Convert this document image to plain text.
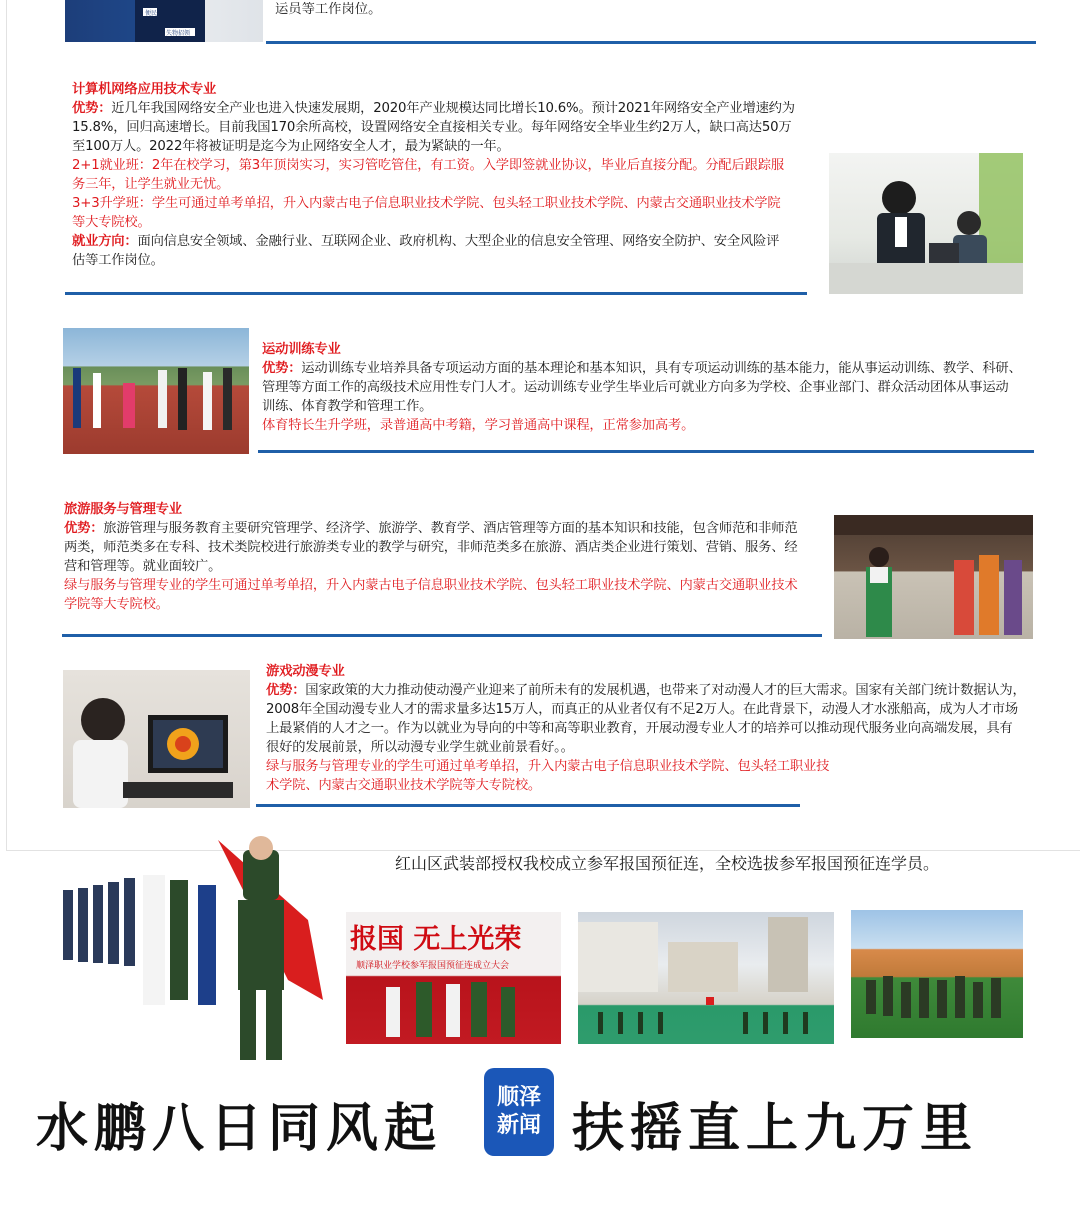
便民
失物招领
运员等工作岗位。

计算机网络应用技术专业

优势：近几年我国网络安全产业也进入快速发展期，2020年产业规模达同比增长10.6%。预计2021年网络安全产业增速约为

15.8%，回归高速增长。目前我国170余所高校，设置网络安全直接相关专业。每年网络安全毕业生约2万人，缺口高达50万

至100万人。2022年将被证明是迄今为止网络安全人才，最为紧缺的一年。

2+1就业班：2年在校学习，第3年顶岗实习，实习管吃管住，有工资。入学即签就业协议，毕业后直接分配。分配后跟踪服

务三年，让学生就业无忧。

3+3升学班：学生可通过单考单招，升入内蒙古电子信息职业技术学院、包头轻工职业技术学院、内蒙古交通职业技术学院

等大专院校。

就业方向：面向信息安全领域、金融行业、互联网企业、政府机构、大型企业的信息安全管理、网络安全防护、安全风险评

估等工作岗位。

运动训练专业

优势：运动训练专业培养具备专项运动方面的基本理论和基本知识，具有专项运动训练的基本能力，能从事运动训练、教学、科研、

管理等方面工作的高级技术应用性专门人才。运动训练专业学生毕业后可就业方向多为学校、企事业部门、群众活动团体从事运动

训练、体育教学和管理工作。

体育特长生升学班，录普通高中考籍，学习普通高中课程，正常参加高考。

旅游服务与管理专业

优势：旅游管理与服务教育主要研究管理学、经济学、旅游学、教育学、酒店管理等方面的基本知识和技能，包含师范和非师范

两类，师范类多在专科、技术类院校进行旅游类专业的教学与研究，非师范类多在旅游、酒店类企业进行策划、营销、服务、经

营和管理等。就业面较广。

绿与服务与管理专业的学生可通过单考单招，升入内蒙古电子信息职业技术学院、包头轻工职业技术学院、内蒙古交通职业技术

学院等大专院校。

游戏动漫专业

优势：国家政策的大力推动使动漫产业迎来了前所未有的发展机遇，也带来了对动漫人才的巨大需求。国家有关部门统计数据认为，

2008年全国动漫专业人才的需求量多达15万人，而真正的从业者仅有不足2万人。在此背景下，动漫人才水涨船高，成为人才市场

上最紧俏的人才之一。作为以就业为导向的中等和高等职业教育，开展动漫专业人才的培养可以推动现代服务业向高端发展，具有

很好的发展前景，所以动漫专业学生就业前景看好。。

绿与服务与管理专业的学生可通过单考单招，升入内蒙古电子信息职业技术学院、包头轻工职业技

术学院、内蒙古交通职业技术学院等大专院校。

红山区武装部授权我校成立参军报国预征连，全校选拔参军报国预征连学员。
报国 无上光荣
顺泽职业学校参军报国预征连成立大会
水鹏八日同风起
顺泽
新闻 扶摇直上九万里
